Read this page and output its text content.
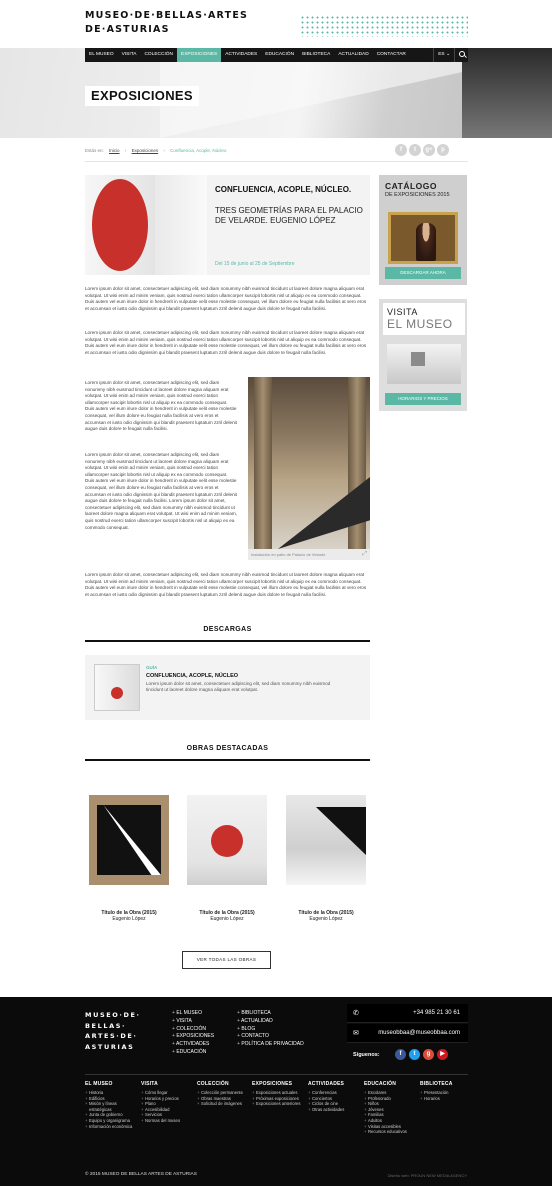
MUSEO·DE·BELLAS·ARTES
DE·ASTURIAS
EL MUSEO	VISITA	COLECCIÓN	EXPOSICIONES	ACTIVIDADES	EDUCACIÓN	BIBLIOTECA	ACTUALIDAD	CONTACTAR	ES ⌄
EXPOSICIONES
Estás en: Inicio › Exposiciones › Confluencia, Acople, Núcleo	f	t	g+	p
CONFLUENCIA, ACOPLE, NÚCLEO.
TRES GEOMETRÍAS PARA EL PALACIO DE VELARDE. EUGENIO LÓPEZ
Del 15 de junio al 25 de Septiembre
Lorem ipsum dolor sit amet, consectetuer adipiscing elit, sed diam nonummy nibh euismod tincidunt ut laoreet dolore magna aliquam erat volutpat. Ut wisi enim ad minim veniam, quis nostrud exerci tation ullamcorper suscipit lobortis nisl ut aliquip ex ea commodo consequat. Duis autem vel eum iriure dolor in hendrerit in vulputate velit esse molestie consequat, vel illum dolore eu feugiat nulla facilisis at vero eros et accumsan et iusto odio dignissim qui blandit praesent luptatum zzril delenit augue duis dolore te feugait nulla facilisi.
Lorem ipsum dolor sit amet, consectetuer adipiscing elit, sed diam nonummy nibh euismod tincidunt ut laoreet dolore magna aliquam erat volutpat. Ut wisi enim ad minim veniam, quis nostrud exerci tation ullamcorper suscipit lobortis nisl ut aliquip ex ea commodo consequat. Duis autem vel eum iriure dolor in hendrerit in vulputate velit esse molestie consequat, vel illum dolore eu feugiat nulla facilisis at vero eros et accumsan et iusto odio dignissim qui blandit praesent luptatum zzril delenit augue duis dolore te feugait nulla facilisi.
Lorem ipsum dolor sit amet, consectetuer adipiscing elit, sed diam nonummy nibh euismod tincidunt ut laoreet dolore magna aliquam erat volutpat. Ut wisi enim ad minim veniam, quis nostrud exerci tation ullamcorper suscipit lobortis nisl ut aliquip ex ea commodo consequat. Duis autem vel eum iriure dolor in hendrerit in vulputate velit esse molestie consequat, vel illum dolore eu feugiat nulla facilisis at vero eros et accumsan et iusto odio dignissim qui blandit praesent luptatum zzril delenit augue duis dolore te feugait nulla facilisi.
Lorem ipsum dolor sit amet, consectetuer adipiscing elit, sed diam nonummy nibh euismod tincidunt ut laoreet dolore magna aliquam erat volutpat. Ut wisi enim ad minim veniam, quis nostrud exerci tation ullamcorper suscipit lobortis nisl ut aliquip ex ea commodo consequat. Duis autem vel eum iriure dolor in hendrerit in vulputate velit esse molestie consequat, vel illum dolore eu feugiat nulla facilisis at vero eros et accumsan et iusto odio dignissim qui blandit praesent luptatum zzril delenit augue duis dolore te feugait nulla facilisi. Lorem ipsum dolor sit amet, consectetuer adipiscing elit, sed diam nonummy nibh euismod tincidunt ut laoreet dolore magna aliquam erat volutpat. Ut wisi enim ad minim veniam, quis nostrud exerci tation ullamcorper suscipit lobortis nisl ut aliquip ex ea commodo consequat.
Lorem ipsum dolor sit amet, consectetuer adipiscing elit, sed diam nonummy nibh euismod tincidunt ut laoreet dolore magna aliquam erat volutpat. Ut wisi enim ad minim veniam, quis nostrud exerci tation ullamcorper suscipit lobortis nisl ut aliquip ex ea commodo consequat. Duis autem vel eum iriure dolor in hendrerit in vulputate velit esse molestie consequat, vel illum dolore eu feugiat nulla facilisis at vero eros et accumsan et iusto odio dignissim qui blandit praesent luptatum zzril delenit augue duis dolore te feugait nulla facilisi.
Instalación en patio de Palacio de Velarde	⤢
CATÁLOGO
DE EXPOSICIONES 2015
DESCARGAR AHORA
VISITA
EL MUSEO
HORARIOS Y PRECIOS
DESCARGAS
GUÍA
CONFLUENCIA, ACOPLE, NÚCLEO
Lorem ipsum dolor sit amet, consectetuer adipiscing elit, sed diam nonummy nibh euismod tincidunt ut laoreet dolore magna aliquam erat volutpat.
OBRAS DESTACADAS
Título de la Obra (2015)
Eugenio López
Título de la Obra (2015)
Eugenio López
Título de la Obra (2015)
Eugenio López
VER TODAS LAS OBRAS
MUSEO·DE·
BELLAS·
ARTES·DE·
ASTURIAS
+ EL MUSEO
+ VISITA
+ COLECCIÓN
+ EXPOSICIONES
+ ACTIVIDADES
+ EDUCACIÓN
+ BIBLIOTECA
+ ACTUALIDAD
+ BLOG
+ CONTACTO
+ POLÍTICA DE PRIVACIDAD
✆	+34 985 21 30 61
✉	museobbaa@museobbaa.com
Síguenos:	f	t	g	▶
EL MUSEO
+ Historia
+ Edificios
+ Misión y líneas estratégicas
+ Junta de gobierno
+ Equipo y organigrama
+ Información económica
VISITA
+ Cómo llegar
+ Horarios y precios
+ Plano
+ Accesibilidad
+ Servicios
+ Normas del museo
COLECCIÓN
+ Colección permanente
+ Obras maestras
+ Solicitud de imágenes
EXPOSICIONES
+ Exposiciones actuales
+ Próximas exposiciones
+ Exposiciones anteriores
ACTIVIDADES
+ Conferencias
+ Conciertos
+ Ciclos de cine
+ Otras actividades
EDUCACIÓN
+ Escolares
+ Profesorado
+ Niños
+ Jóvenes
+ Familias
+ Adultos
+ Visitas accesibles
+ Recursos educativos
BIBLIOTECA
+ Presentación
+ Horarios
© 2015 MUSEO DE BELLAS ARTES DE ASTURIAS	Diseño web: PROUN NEW MEDIA AGENCY
